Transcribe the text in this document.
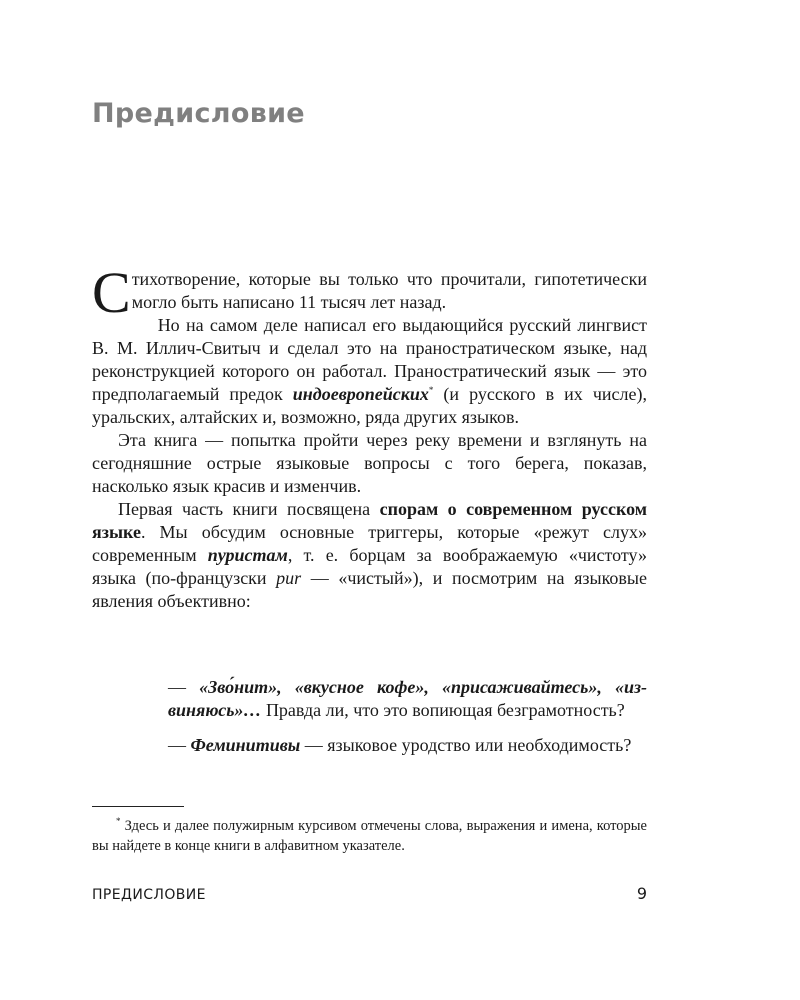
Предисловие

Стихотворение, которые вы только что прочитали, гипотетически могло быть написано 11 тысяч лет назад.

Но на самом деле написал его выдающийся русский лингвист В. М. Иллич-Свитыч и сделал это на праностратическом языке, над реконструкцией которого он работал. Праностратический язык — это предполагаемый предок индоевропейских* (и русского в их числе), уральских, алтайских и, возможно, ряда других языков.

Эта книга — попытка пройти через реку времени и взглянуть на сегодняшние острые языковые вопросы с того берега, показав, насколько язык красив и изменчив.

Первая часть книги посвящена спорам о современном русском языке. Мы обсудим основные триггеры, которые «режут слух» современным пуристам, т. е. борцам за воображаемую «чистоту» языка (по-французски pur — «чистый»), и посмотрим на языковые явления объективно:

— «Зво́нит», «вкусное кофе», «присаживайтесь», «извиняюсь»… Правда ли, что это вопиющая безграмотность?

— Феминитивы — языковое уродство или необходимость?

* Здесь и далее полужирным курсивом отмечены слова, выражения и имена, которые вы найдете в конце книги в алфавитном указателе.

ПРЕДИСЛОВИЕ	9
